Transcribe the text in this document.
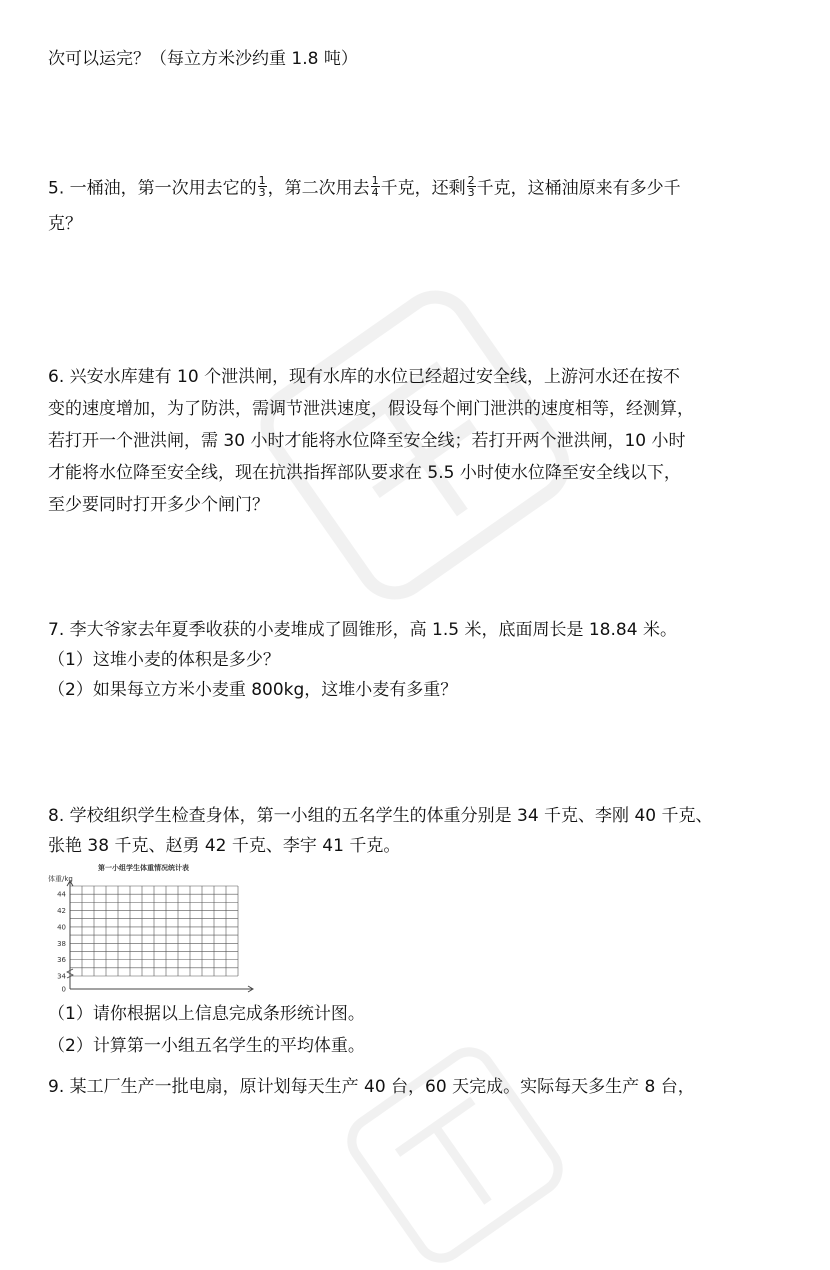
次可以运完？（每立方米沙约重 1.8 吨）
5. 一桶油，第一次用去它的 $\frac{1}{3}$ ，第二次用去 $\frac{1}{4}$ 千克，还剩 $\frac{2}{3}$ 千克，这桶油原来有多少千
克？
6. 兴安水库建有 10 个泄洪闸，现有水库的水位已经超过安全线，上游河水还在按不
变的速度增加，为了防洪，需调节泄洪速度，假设每个闸门泄洪的速度相等，经测算，
若打开一个泄洪闸，需 30 小时才能将水位降至安全线；若打开两个泄洪闸，10 小时
才能将水位降至安全线，现在抗洪指挥部队要求在 5.5 小时使水位降至安全线以下，
至少要同时打开多少个闸门？
7. 李大爷家去年夏季收获的小麦堆成了圆锥形，高 1.5 米，底面周长是 18.84 米。
（1）这堆小麦的体积是多少？
（2）如果每立方米小麦重 800kg，这堆小麦有多重？
8. 学校组织学生检查身体，第一小组的五名学生的体重分别是 34 千克、李刚 40 千克、
张艳 38 千克、赵勇 42 千克、李宇 41 千克。
第一小组学生体重情况统计表
体重/kg
0
34
36
38
40
42
44
（1）请你根据以上信息完成条形统计图。
（2）计算第一小组五名学生的平均体重。
9. 某工厂生产一批电扇，原计划每天生产 40 台，60 天完成。实际每天多生产 8 台，
